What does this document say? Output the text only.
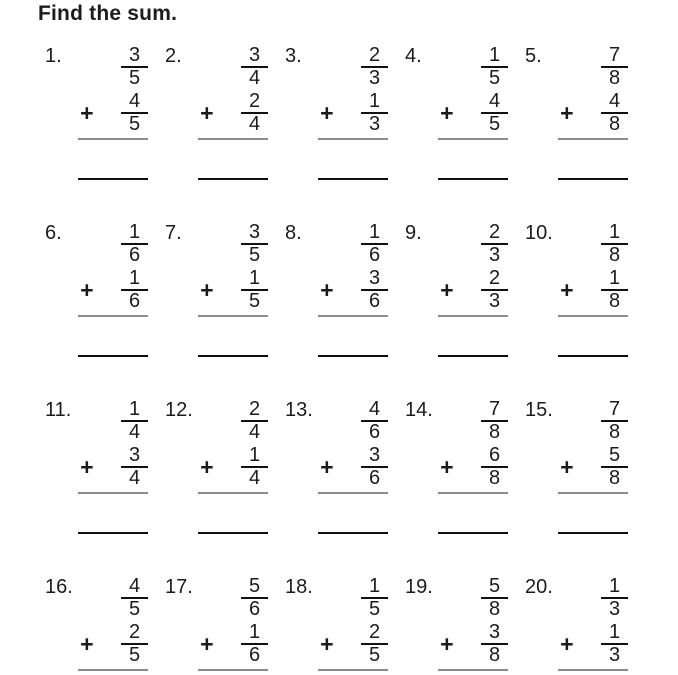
Find the sum.
1.	$\frac{3}{5}$
+ $\frac{4}{5}$
2.	$\frac{3}{4}$
+ $\frac{2}{4}$
3.	$\frac{2}{3}$
+ $\frac{1}{3}$
4.	$\frac{1}{5}$
+ $\frac{4}{5}$
5.	$\frac{7}{8}$
+ $\frac{4}{8}$
6.	$\frac{1}{6}$
+ $\frac{1}{6}$
7.	$\frac{3}{5}$
+ $\frac{1}{5}$
8.	$\frac{1}{6}$
+ $\frac{3}{6}$
9.	$\frac{2}{3}$
+ $\frac{2}{3}$
10. $\frac{1}{8}$
+ $\frac{1}{8}$
11.	$\frac{1}{4}$
+ $\frac{3}{4}$
12. $\frac{2}{4}$
+ $\frac{1}{4}$
13. $\frac{4}{6}$
+ $\frac{3}{6}$
14. $\frac{7}{8}$
+ $\frac{6}{8}$
15. $\frac{7}{8}$
+ $\frac{5}{8}$
16. $\frac{4}{5}$
+ $\frac{2}{5}$
17. $\frac{5}{6}$
+ $\frac{1}{6}$
18. $\frac{1}{5}$
+ $\frac{2}{5}$
19. $\frac{5}{8}$
+ $\frac{3}{8}$
20. $\frac{1}{3}$
+ $\frac{1}{3}$
